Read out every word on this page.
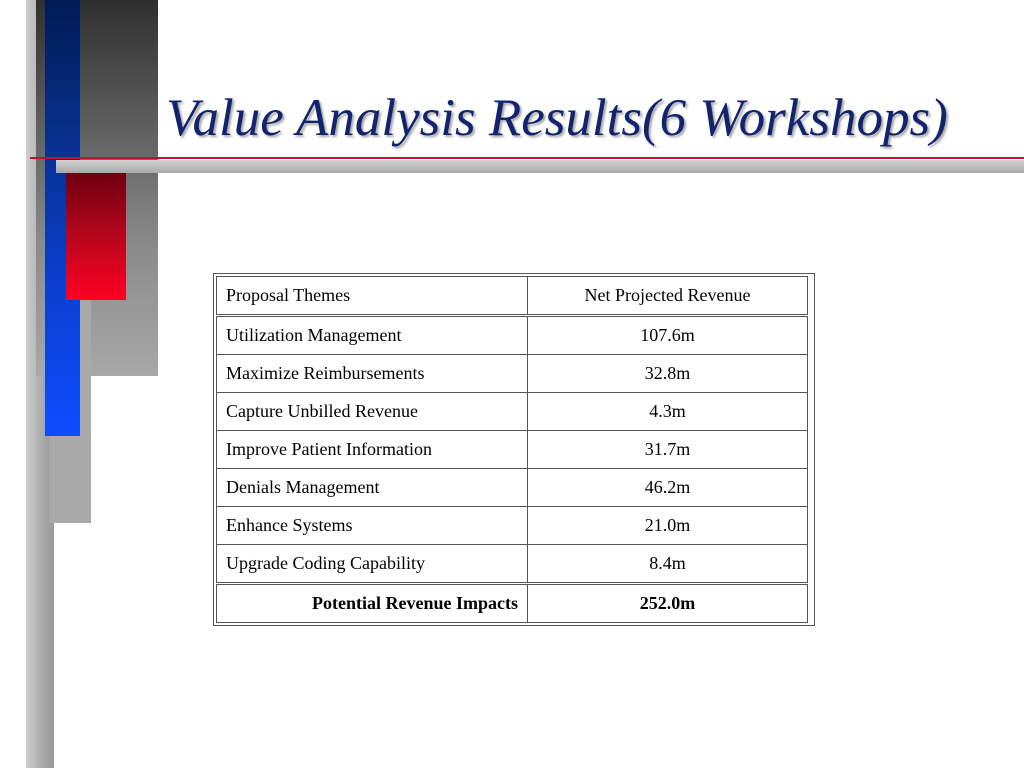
Value Analysis Results(6 Workshops)
Proposal Themes	Net Projected Revenue
Utilization Management	107.6m
Maximize Reimbursements	32.8m
Capture Unbilled Revenue	4.3m
Improve Patient Information	31.7m
Denials Management	46.2m
Enhance Systems	21.0m
Upgrade Coding Capability	8.4m
Potential Revenue Impacts	252.0m
